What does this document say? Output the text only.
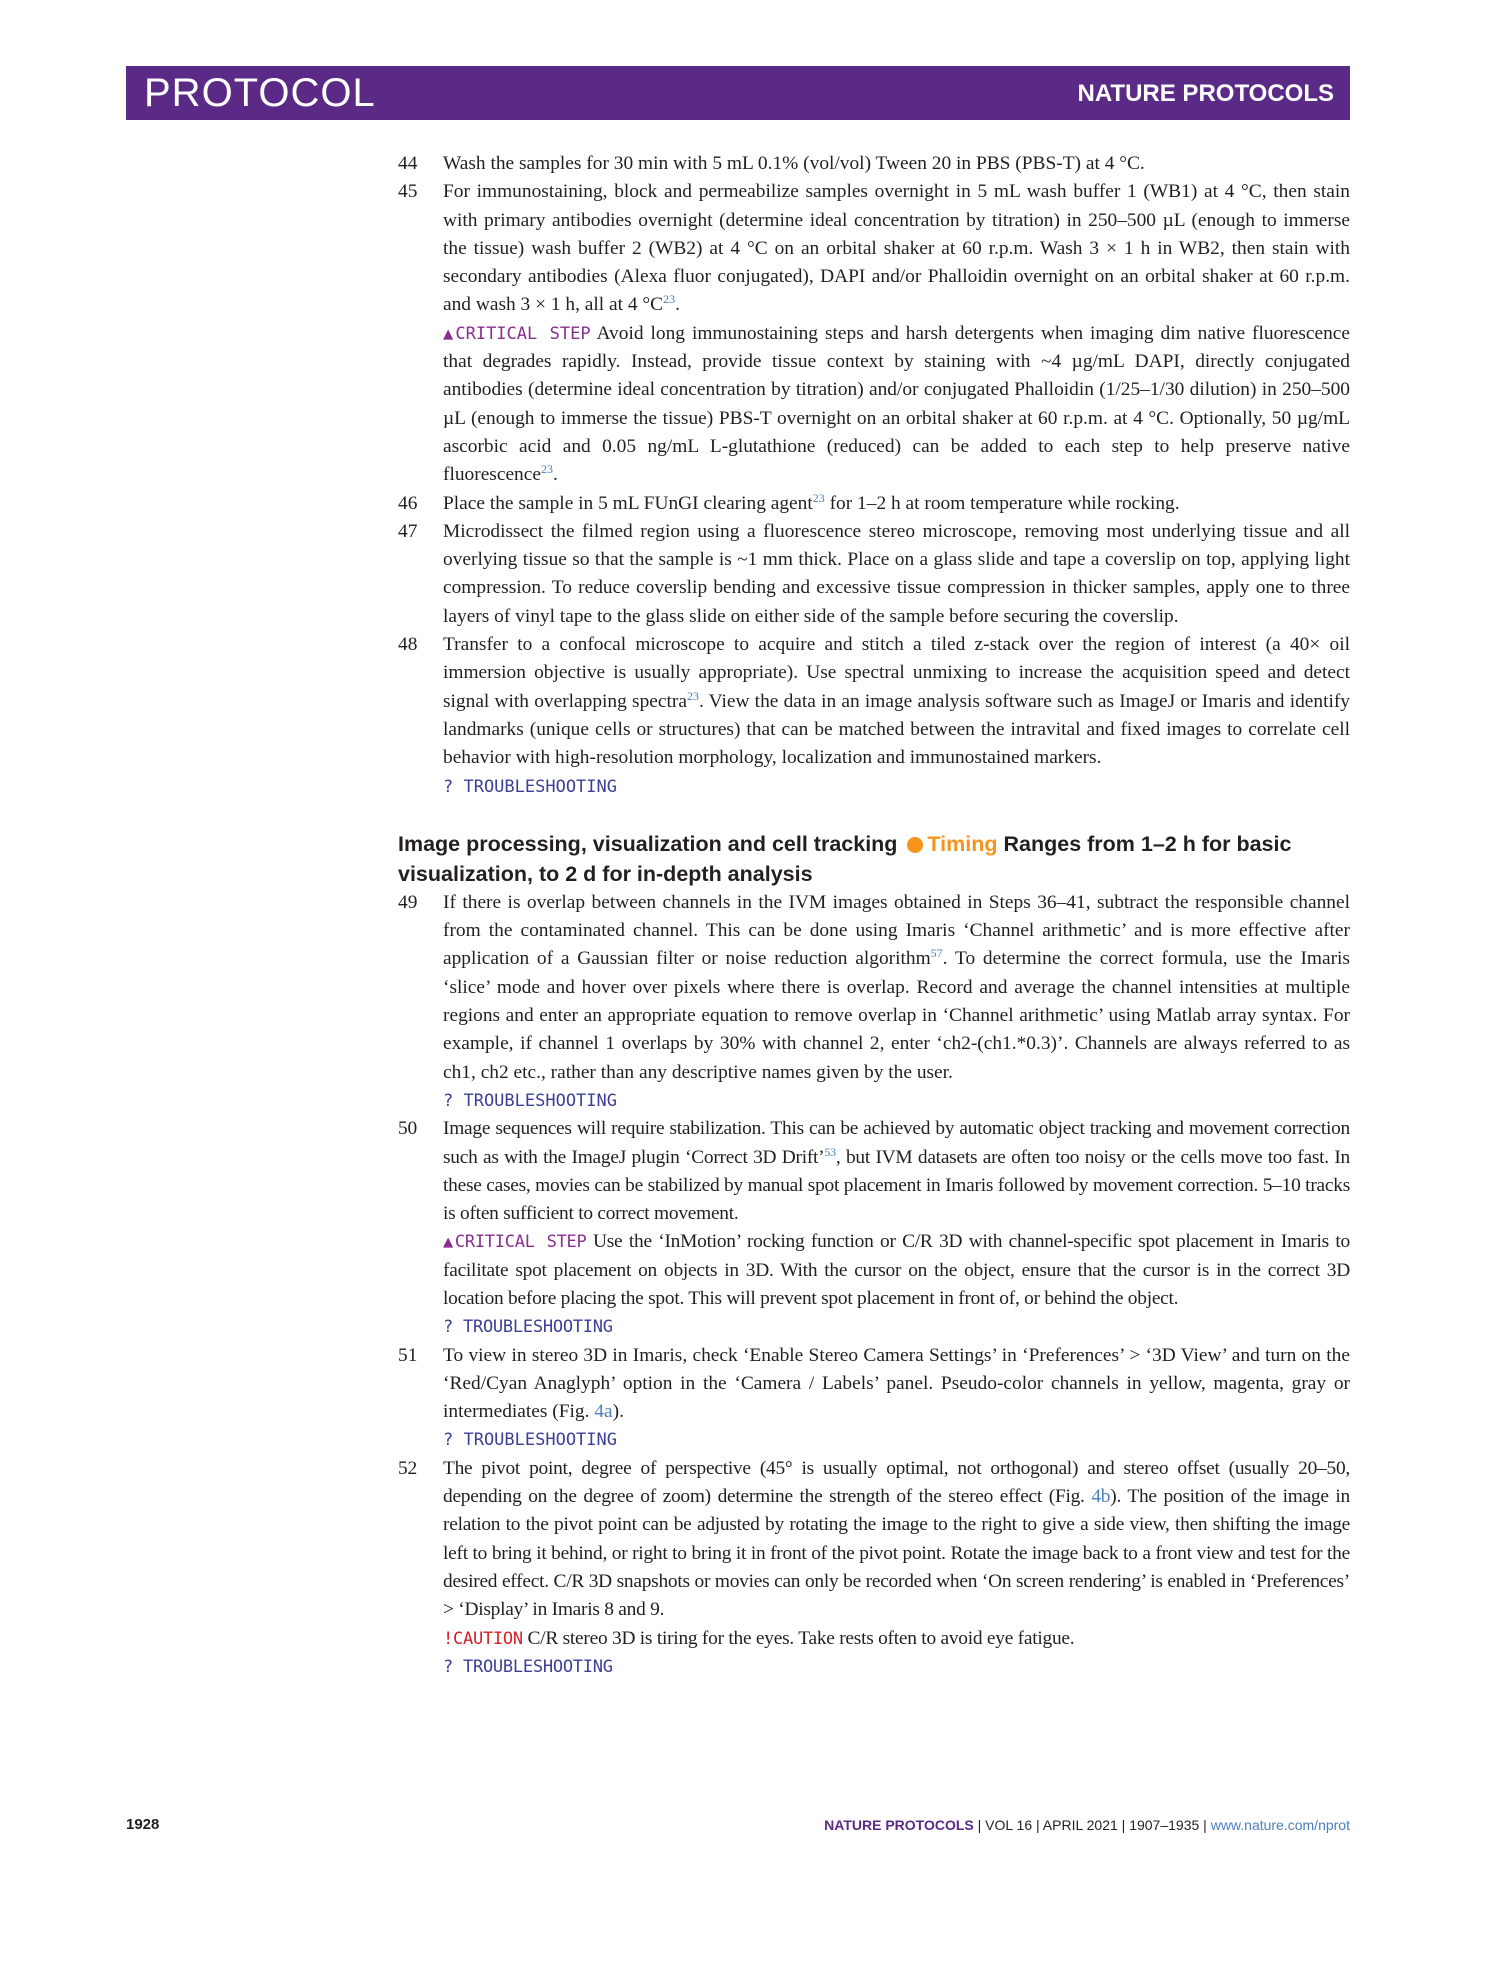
PROTOCOL	NATURE PROTOCOLS
44 Wash the samples for 30 min with 5 mL 0.1% (vol/vol) Tween 20 in PBS (PBS-T) at 4 °C.
45 For immunostaining, block and permeabilize samples overnight in 5 mL wash buffer 1 (WB1) at 4 °C, then stain with primary antibodies overnight (determine ideal concentration by titration) in 250–500 µL (enough to immerse the tissue) wash buffer 2 (WB2) at 4 °C on an orbital shaker at 60 r.p.m. Wash 3 × 1 h in WB2, then stain with secondary antibodies (Alexa fluor conjugated), DAPI and/or Phalloidin overnight on an orbital shaker at 60 r.p.m. and wash 3 × 1 h, all at 4 $^\circ C^{23}$.
▲CRITICAL STEP Avoid long immunostaining steps and harsh detergents when imaging dim native fluorescence that degrades rapidly. Instead, provide tissue context by staining with ~4 µg/mL DAPI, directly conjugated antibodies (determine ideal concentration by titration) and/or conjugated Phalloidin (1/25–1/30 dilution) in 250–500 µL (enough to immerse the tissue) PBS-T overnight on an orbital shaker at 60 r.p.m. at 4 °C. Optionally, 50 µg/mL ascorbic acid and 0.05 ng/mL L-glutathione (reduced) can be added to each step to help preserve native fluorescence$^{23}$.
46 Place the sample in 5 mL FUnGI clearing agent$^{23}$ for 1–2 h at room temperature while rocking.
47 Microdissect the filmed region using a fluorescence stereo microscope, removing most underlying tissue and all overlying tissue so that the sample is ~1 mm thick. Place on a glass slide and tape a coverslip on top, applying light compression. To reduce coverslip bending and excessive tissue compression in thicker samples, apply one to three layers of vinyl tape to the glass slide on either side of the sample before securing the coverslip.
48 Transfer to a confocal microscope to acquire and stitch a tiled z-stack over the region of interest (a 40× oil immersion objective is usually appropriate). Use spectral unmixing to increase the acquisition speed and detect signal with overlapping spectra$^{23}$. View the data in an image analysis software such as ImageJ or Imaris and identify landmarks (unique cells or structures) that can be matched between the intravital and fixed images to correlate cell behavior with high-resolution morphology, localization and immunostained markers.
? TROUBLESHOOTING
Image processing, visualization and cell tracking Timing Ranges from 1–2 h for basic visualization, to 2 d for in-depth analysis
49 If there is overlap between channels in the IVM images obtained in Steps 36–41, subtract the responsible channel from the contaminated channel. This can be done using Imaris ‘Channel arithmetic’ and is more effective after application of a Gaussian filter or noise reduction algorithm$^{57}$. To determine the correct formula, use the Imaris ‘slice’ mode and hover over pixels where there is overlap. Record and average the channel intensities at multiple regions and enter an appropriate equation to remove overlap in ‘Channel arithmetic’ using Matlab array syntax. For example, if channel 1 overlaps by 30% with channel 2, enter ‘ch2-(ch1.*0.3)’. Channels are always referred to as ch1, ch2 etc., rather than any descriptive names given by the user.
? TROUBLESHOOTING
50 Image sequences will require stabilization. This can be achieved by automatic object tracking and movement correction such as with the ImageJ plugin ‘Correct 3D Drift’$^{53}$, but IVM datasets are often too noisy or the cells move too fast. In these cases, movies can be stabilized by manual spot placement in Imaris followed by movement correction. 5–10 tracks is often sufficient to correct movement.
▲CRITICAL STEP Use the ‘InMotion’ rocking function or C/R 3D with channel-specific spot placement in Imaris to facilitate spot placement on objects in 3D. With the cursor on the object, ensure that the cursor is in the correct 3D location before placing the spot. This will prevent spot placement in front of, or behind the object.
? TROUBLESHOOTING
51 To view in stereo 3D in Imaris, check ‘Enable Stereo Camera Settings’ in ‘Preferences’ > ‘3D View’ and turn on the ‘Red/Cyan Anaglyph’ option in the ‘Camera / Labels’ panel. Pseudo-color channels in yellow, magenta, gray or intermediates (Fig. 4a).
? TROUBLESHOOTING
52 The pivot point, degree of perspective (45° is usually optimal, not orthogonal) and stereo offset (usually 20–50, depending on the degree of zoom) determine the strength of the stereo effect (Fig. 4b). The position of the image in relation to the pivot point can be adjusted by rotating the image to the right to give a side view, then shifting the image left to bring it behind, or right to bring it in front of the pivot point. Rotate the image back to a front view and test for the desired effect. C/R 3D snapshots or movies can only be recorded when ‘On screen rendering’ is enabled in ‘Preferences’ > ‘Display’ in Imaris 8 and 9.
!CAUTION C/R stereo 3D is tiring for the eyes. Take rests often to avoid eye fatigue.
? TROUBLESHOOTING
1928	NATURE PROTOCOLS | VOL 16 | APRIL 2021 | 1907–1935 | www.nature.com/nprot
